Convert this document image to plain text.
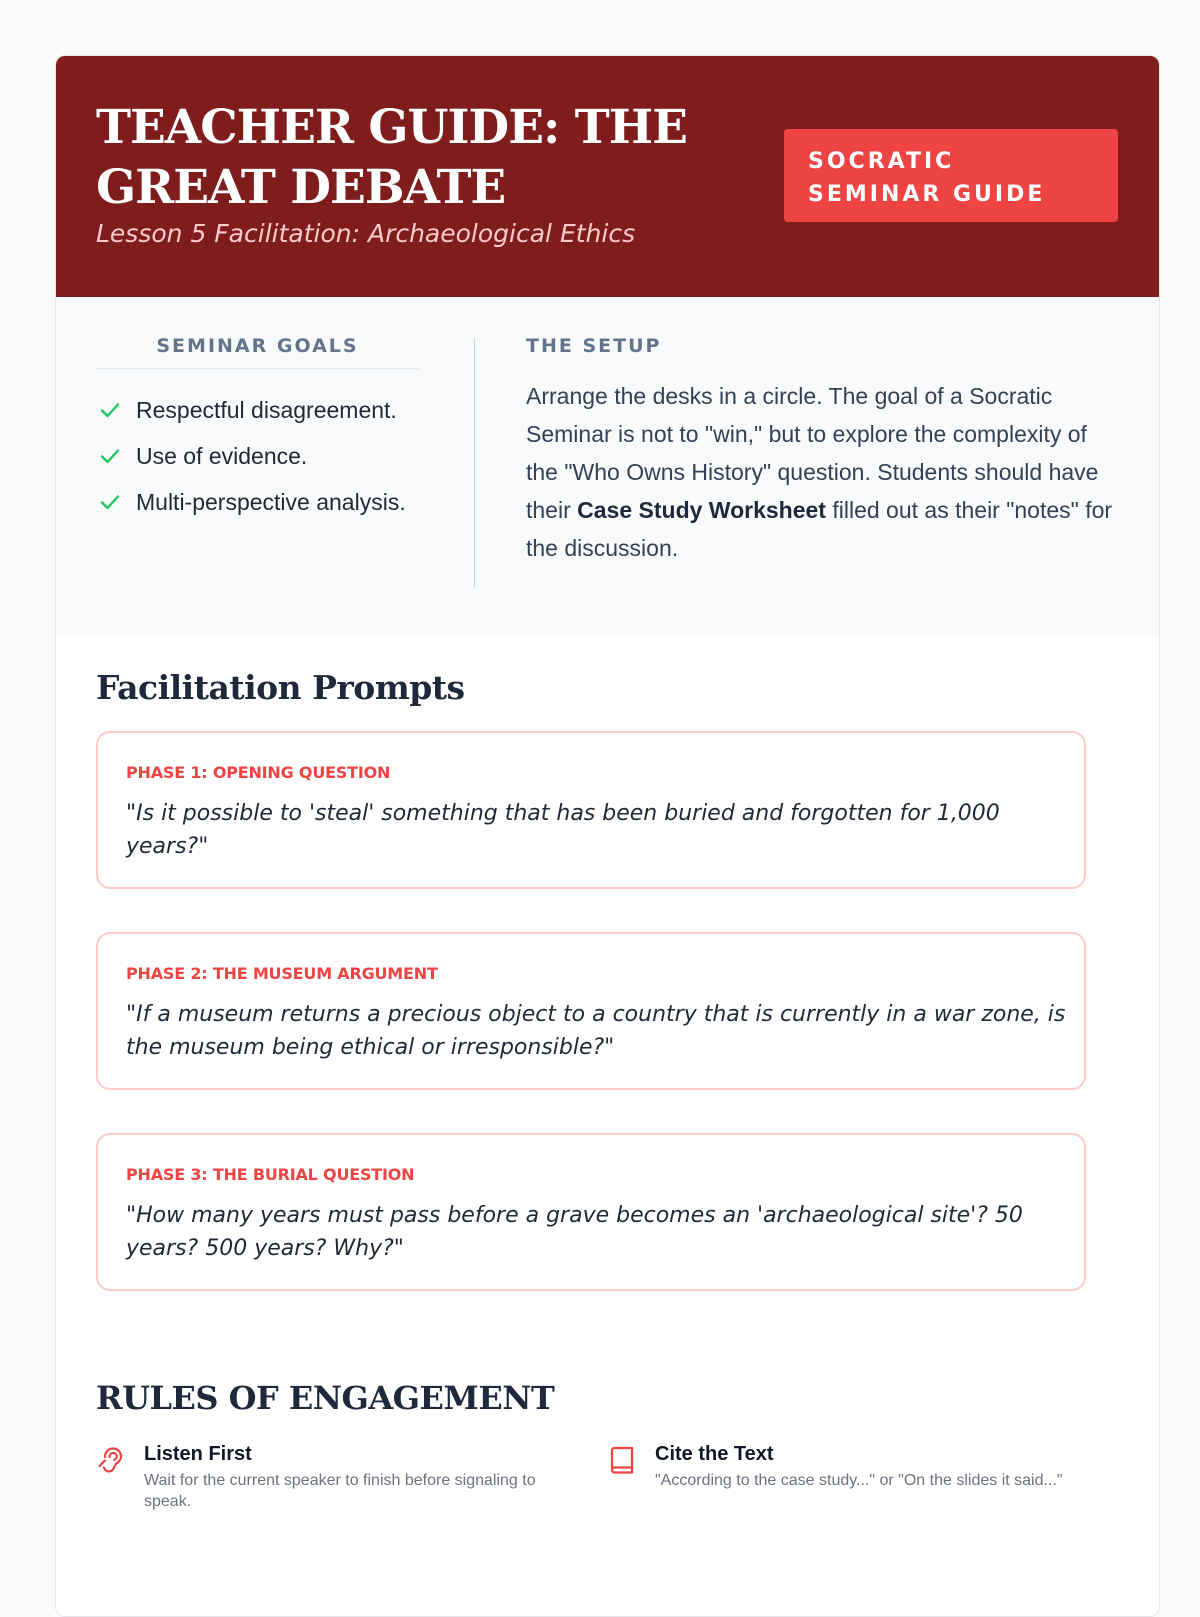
TEACHER GUIDE: THE GREAT DEBATE
Lesson 5 Facilitation: Archaeological Ethics
SOCRATIC SEMINAR GUIDE
SEMINAR GOALS
Respectful disagreement.
Use of evidence.
Multi-perspective analysis.
THE SETUP
Arrange the desks in a circle. The goal of a Socratic Seminar is not to "win," but to explore the complexity of the "Who Owns History" question. Students should have their Case Study Worksheet filled out as their "notes" for the discussion.
Facilitation Prompts
PHASE 1: OPENING QUESTION
"Is it possible to 'steal' something that has been buried and forgotten for 1,000 years?"
PHASE 2: THE MUSEUM ARGUMENT
"If a museum returns a precious object to a country that is currently in a war zone, is the museum being ethical or irresponsible?"
PHASE 3: THE BURIAL QUESTION
"How many years must pass before a grave becomes an 'archaeological site'? 50 years? 500 years? Why?"
RULES OF ENGAGEMENT
Listen First
Wait for the current speaker to finish before signaling to speak.
Cite the Text
"According to the case study..." or "On the slides it said..."
